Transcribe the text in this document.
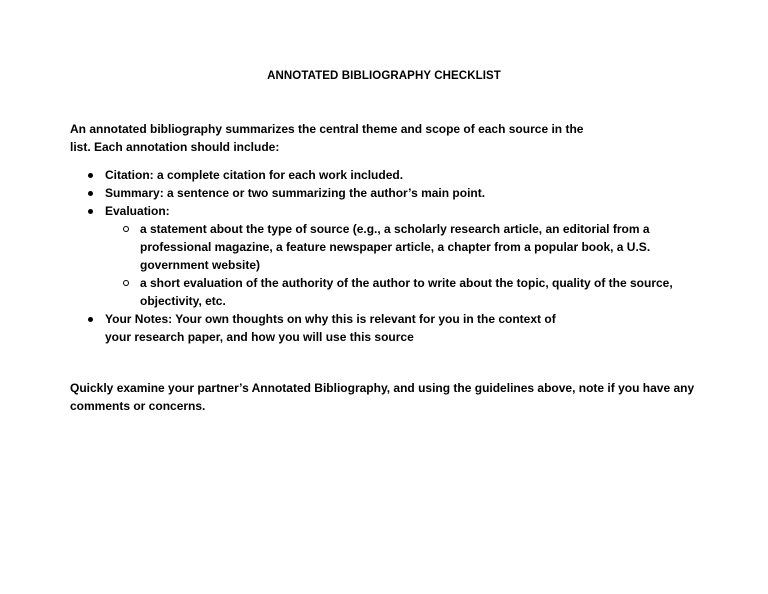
ANNOTATED BIBLIOGRAPHY CHECKLIST
An annotated bibliography summarizes the central theme and scope of each source in the list. Each annotation should include:
Citation: a complete citation for each work included.
Summary: a sentence or two summarizing the author’s main point.
Evaluation:
a statement about the type of source (e.g., a scholarly research article, an editorial from a professional magazine, a feature newspaper article, a chapter from a popular book, a U.S. government website)
a short evaluation of the authority of the author to write about the topic, quality of the source, objectivity, etc.
Your Notes: Your own thoughts on why this is relevant for you in the context of your research paper, and how you will use this source
Quickly examine your partner’s Annotated Bibliography, and using the guidelines above, note if you have any comments or concerns.
